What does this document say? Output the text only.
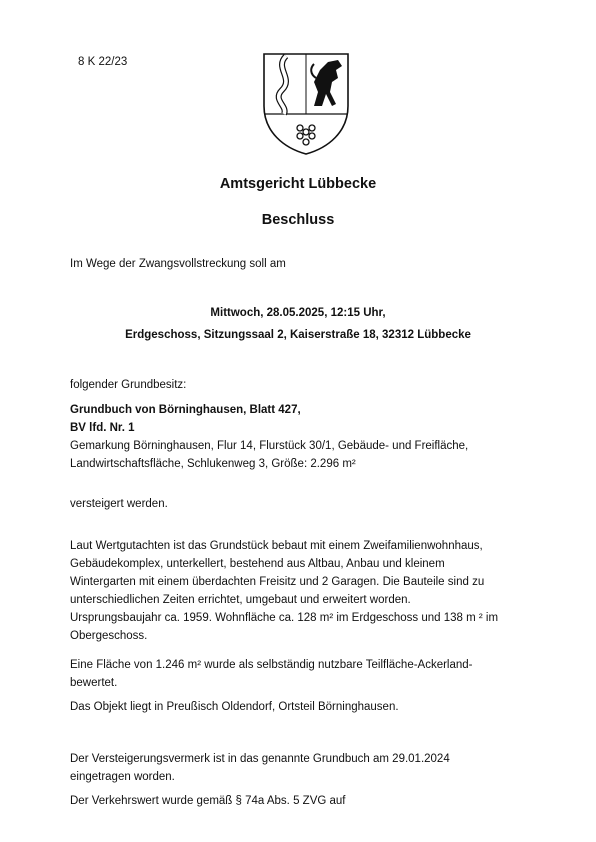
8 K 22/23
Amtsgericht Lübbecke
Beschluss
Im Wege der Zwangsvollstreckung soll am
Mittwoch, 28.05.2025, 12:15 Uhr,
Erdgeschoss, Sitzungssaal 2, Kaiserstraße 18, 32312 Lübbecke
folgender Grundbesitz:
Grundbuch von Börninghausen, Blatt 427,
BV lfd. Nr. 1
Gemarkung Börninghausen, Flur 14, Flurstück 30/1, Gebäude- und Freifläche,
Landwirtschaftsfläche, Schlukenweg 3, Größe: 2.296 m²
versteigert werden.
Laut Wertgutachten ist das Grundstück bebaut mit einem Zweifamilienwohnhaus,
Gebäudekomplex, unterkellert, bestehend aus Altbau, Anbau und kleinem
Wintergarten mit einem überdachten Freisitz und 2 Garagen. Die Bauteile sind zu
unterschiedlichen Zeiten errichtet, umgebaut und erweitert worden.
Ursprungsbaujahr ca. 1959. Wohnfläche ca. 128 m² im Erdgeschoss und 138 m ² im
Obergeschoss.
Eine Fläche von 1.246 m² wurde als selbständig nutzbare Teilfläche-Ackerland-
bewertet.
Das Objekt liegt in Preußisch Oldendorf, Ortsteil Börninghausen.
Der Versteigerungsvermerk ist in das genannte Grundbuch am 29.01.2024
eingetragen worden.
Der Verkehrswert wurde gemäß § 74a Abs. 5 ZVG auf
